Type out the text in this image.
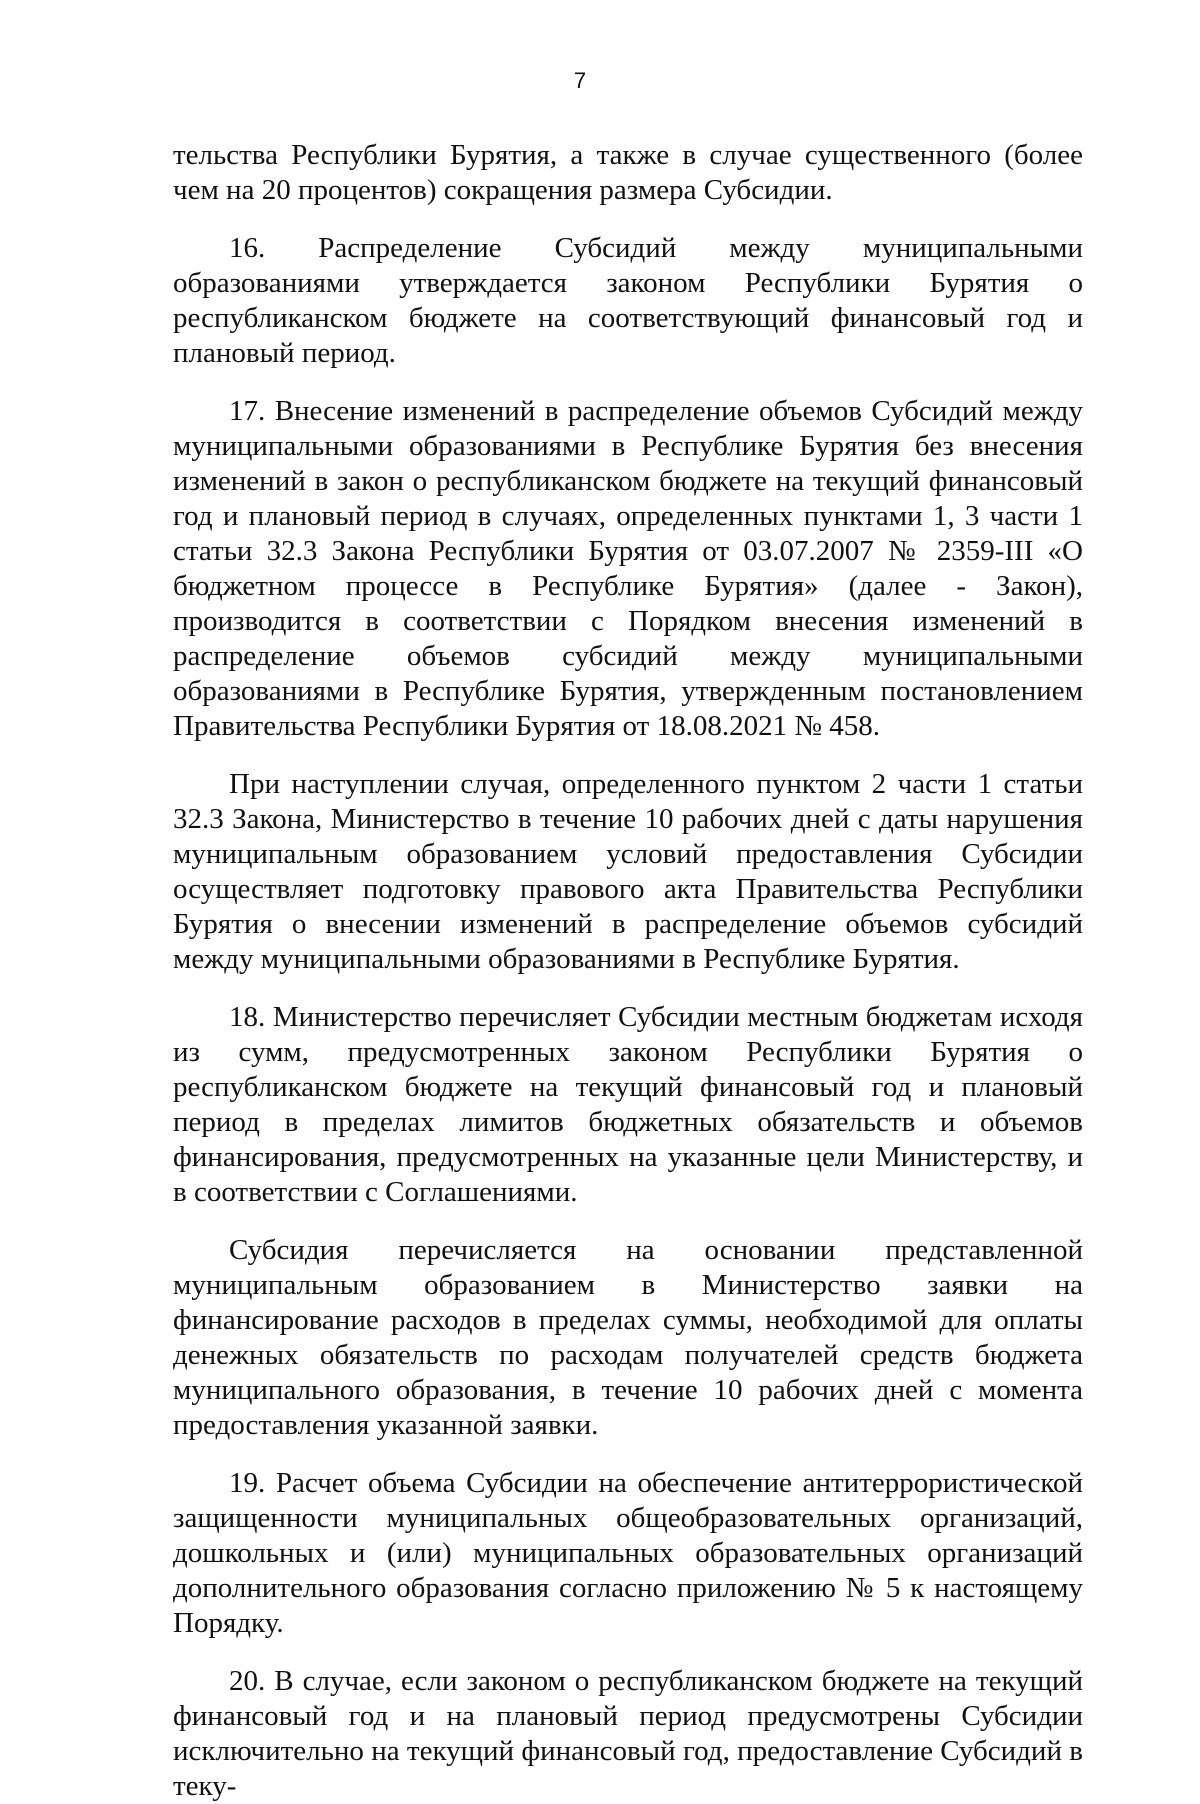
7

тельства Республики Бурятия, а также в случае существенного (более чем на 20 процентов) сокращения размера Субсидии.

16. Распределение Субсидий между муниципальными образованиями утверждается законом Республики Бурятия о республиканском бюджете на соответствующий финансовый год и плановый период.

17. Внесение изменений в распределение объемов Субсидий между муниципальными образованиями в Республике Бурятия без внесения изменений в закон о республиканском бюджете на текущий финансовый год и плановый период в случаях, определенных пунктами 1, 3 части 1 статьи 32.3 Закона Республики Бурятия от 03.07.2007 № 2359-III «О бюджетном процессе в Республике Бурятия» (далее - Закон), производится в соответствии с Порядком внесения изменений в распределение объемов субсидий между муниципальными образованиями в Республике Бурятия, утвержденным постановлением Правительства Республики Бурятия от 18.08.2021 № 458.

При наступлении случая, определенного пунктом 2 части 1 статьи 32.3 Закона, Министерство в течение 10 рабочих дней с даты нарушения муниципальным образованием условий предоставления Субсидии осуществляет подготовку правового акта Правительства Республики Бурятия о внесении изменений в распределение объемов субсидий между муниципальными образованиями в Республике Бурятия.

18. Министерство перечисляет Субсидии местным бюджетам исходя из сумм, предусмотренных законом Республики Бурятия о республиканском бюджете на текущий финансовый год и плановый период в пределах лимитов бюджетных обязательств и объемов финансирования, предусмотренных на указанные цели Министерству, и в соответствии с Соглашениями.

Субсидия перечисляется на основании представленной муниципальным образованием в Министерство заявки на финансирование расходов в пределах суммы, необходимой для оплаты денежных обязательств по расходам получателей средств бюджета муниципального образования, в течение 10 рабочих дней с момента предоставления указанной заявки.

19. Расчет объема Субсидии на обеспечение антитеррористической защищенности муниципальных общеобразовательных организаций, дошкольных и (или) муниципальных образовательных организаций дополнительного образования согласно приложению № 5 к настоящему Порядку.

20. В случае, если законом о республиканском бюджете на текущий финансовый год и на плановый период предусмотрены Субсидии исключительно на текущий финансовый год, предоставление Субсидий в теку-
